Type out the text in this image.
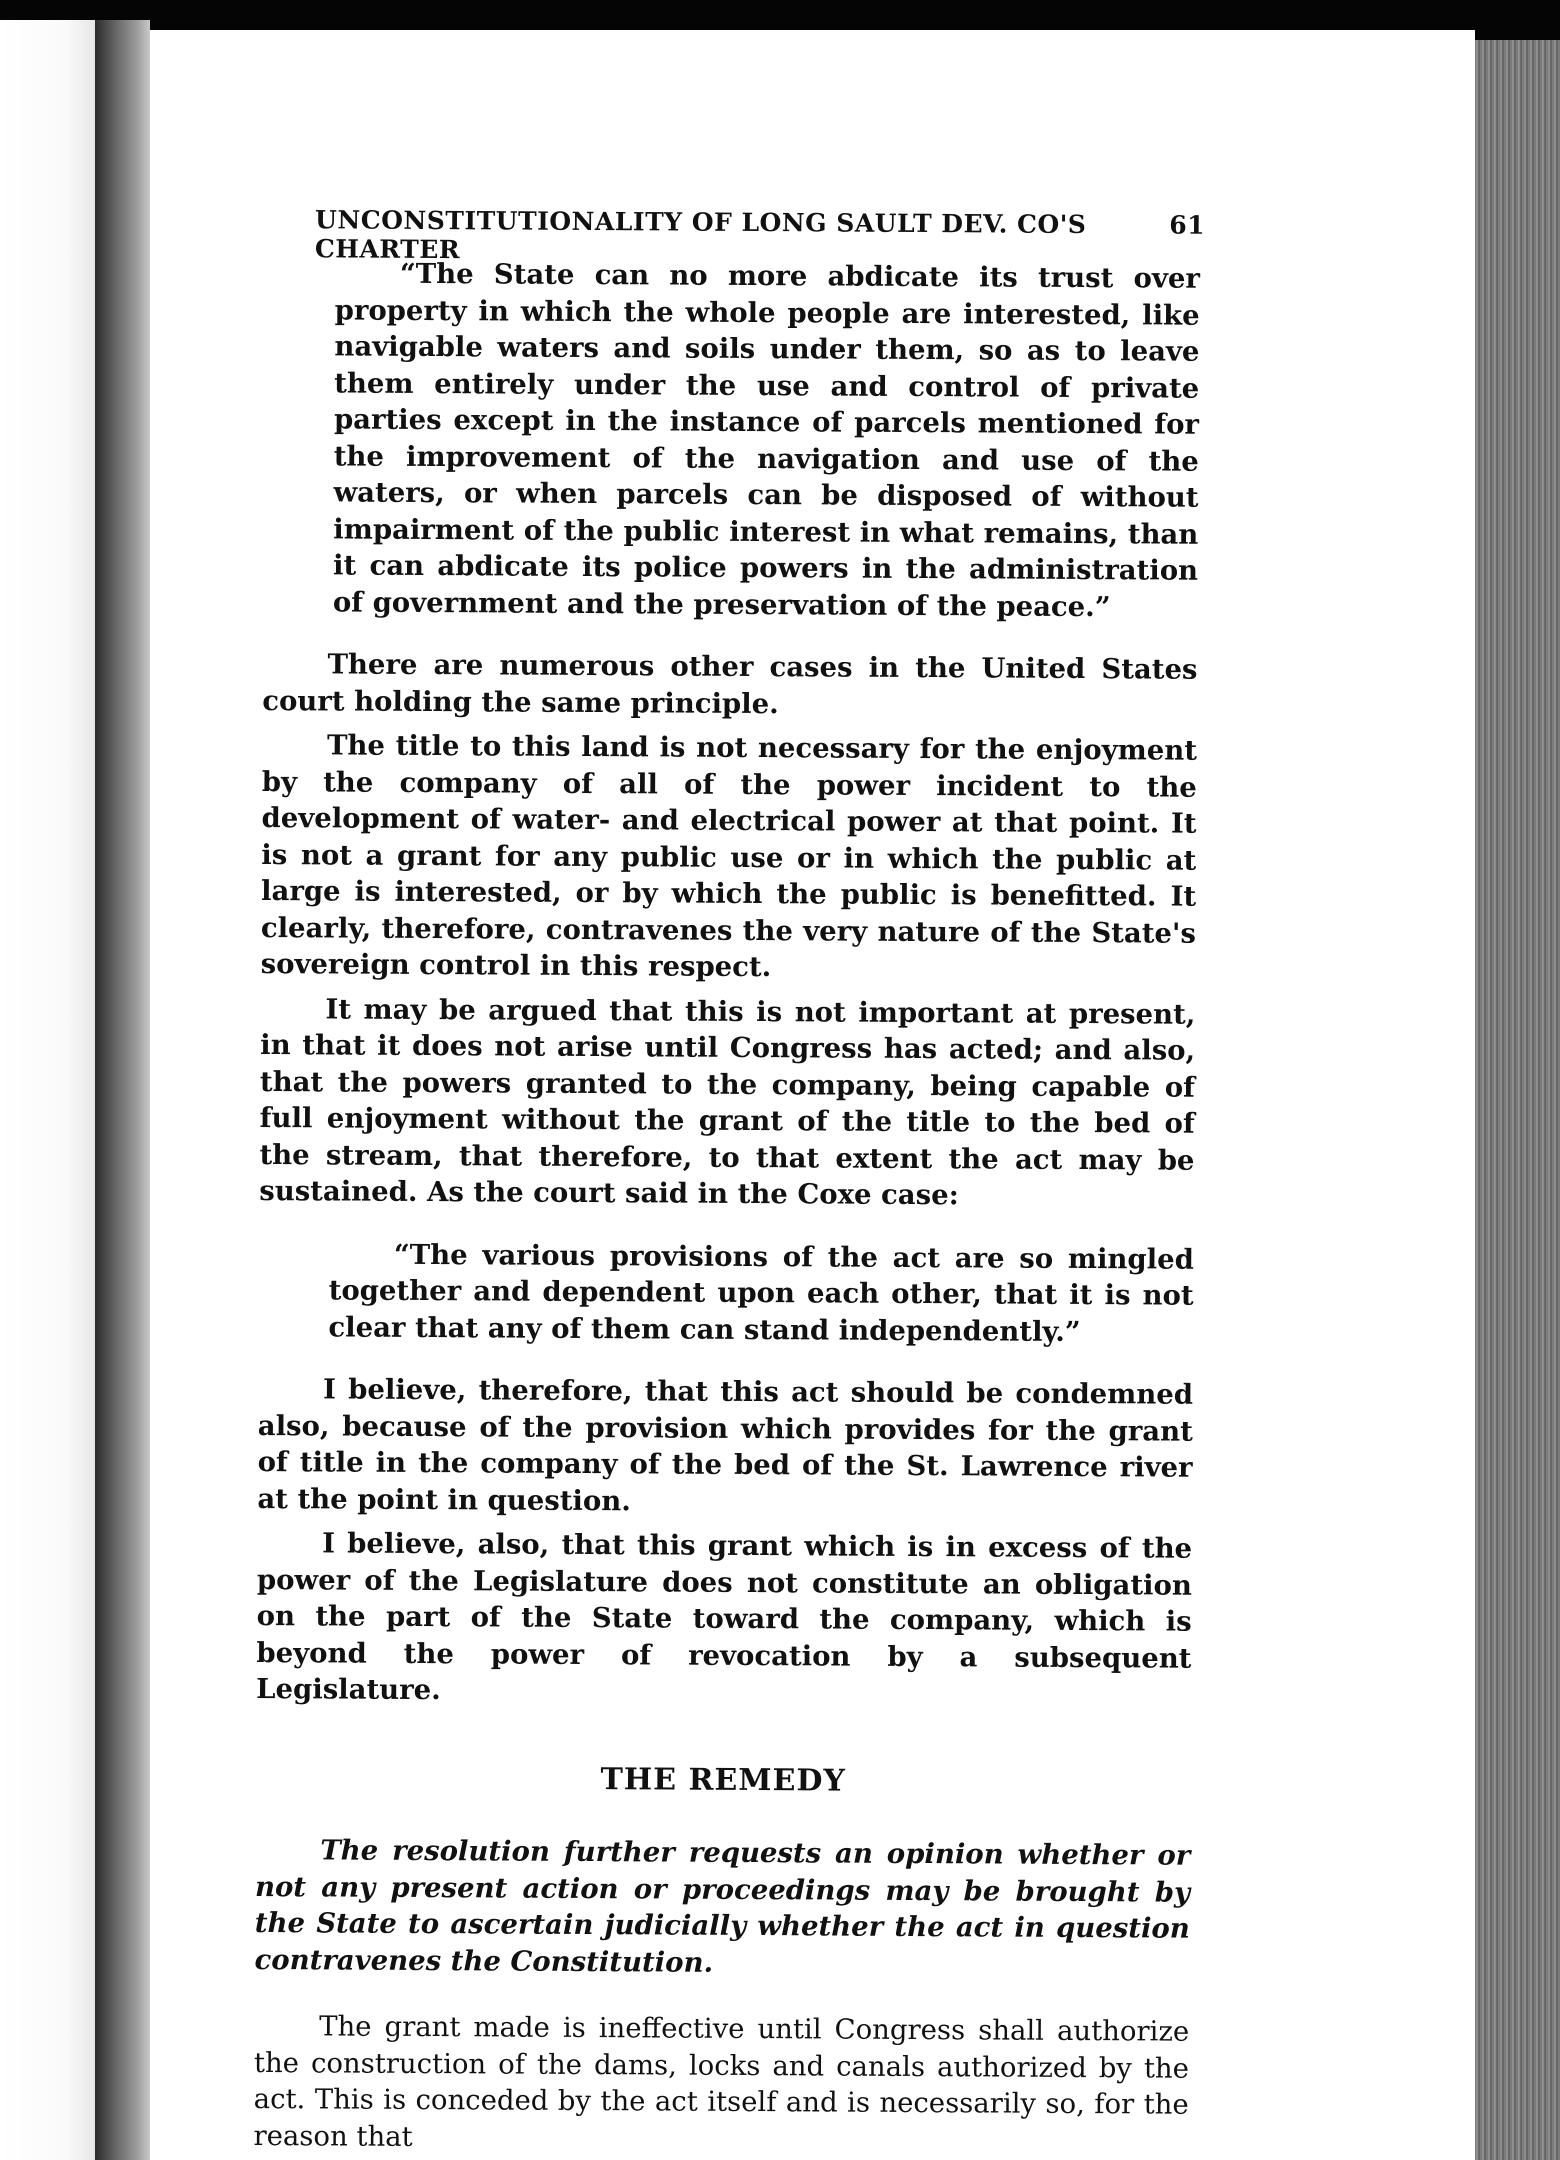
UNCONSTITUTIONALITY OF LONG SAULT DEV. CO'S CHARTER
61

“The State can no more abdicate its trust over property in which the whole people are interested, like navigable waters and soils under them, so as to leave them entirely under the use and control of private parties except in the instance of parcels mentioned for the improvement of the navigation and use of the waters, or when parcels can be disposed of without impairment of the public interest in what remains, than it can abdicate its police powers in the administration of government and the preservation of the peace.”

There are numerous other cases in the United States court holding the same principle.

The title to this land is not necessary for the enjoyment by the company of all of the power incident to the development of water- and electrical power at that point. It is not a grant for any public use or in which the public at large is interested, or by which the public is benefitted. It clearly, therefore, contravenes the very nature of the State's sovereign control in this respect.

It may be argued that this is not important at present, in that it does not arise until Congress has acted; and also, that the powers granted to the company, being capable of full enjoyment without the grant of the title to the bed of the stream, that therefore, to that extent the act may be sustained. As the court said in the Coxe case:

“The various provisions of the act are so mingled together and dependent upon each other, that it is not clear that any of them can stand independently.”

I believe, therefore, that this act should be condemned also, because of the provision which provides for the grant of title in the company of the bed of the St. Lawrence river at the point in question.

I believe, also, that this grant which is in excess of the power of the Legislature does not constitute an obligation on the part of the State toward the company, which is beyond the power of revocation by a subsequent Legislature.

THE REMEDY

The resolution further requests an opinion whether or not any present action or proceedings may be brought by the State to ascertain judicially whether the act in question contravenes the Constitution.

The grant made is ineffective until Congress shall authorize the construction of the dams, locks and canals authorized by the act. This is conceded by the act itself and is necessarily so, for the reason that
